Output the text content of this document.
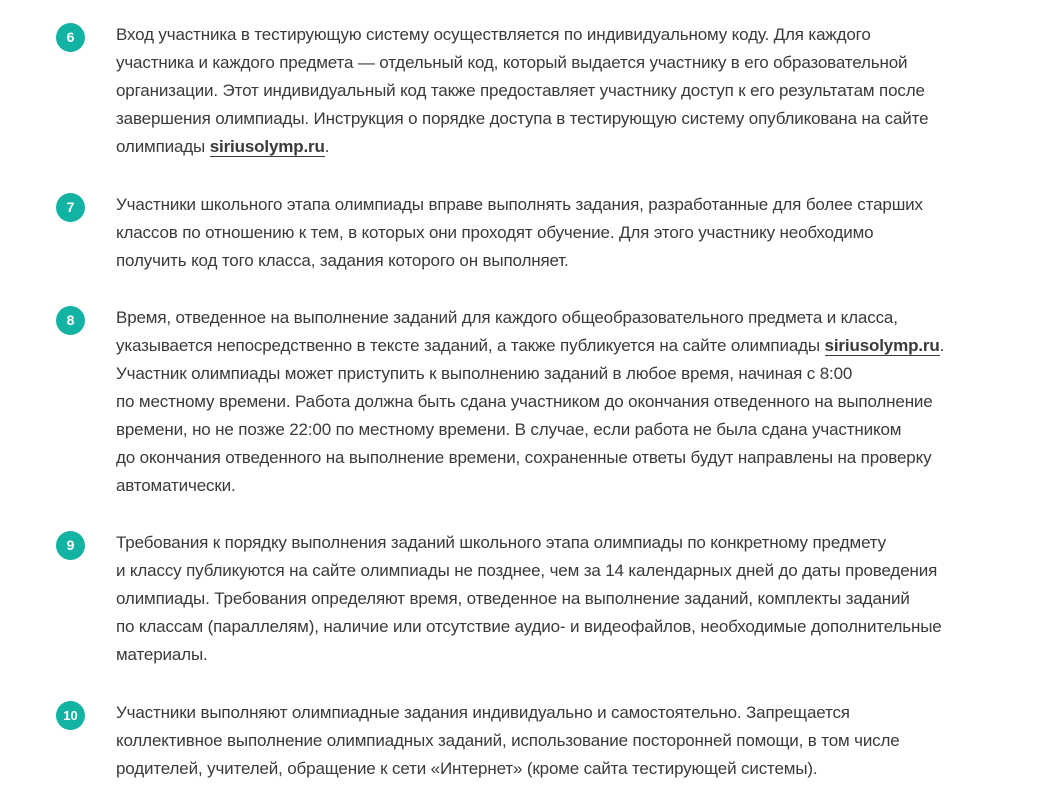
6	Вход участника в тестирующую систему осуществляется по индивидуальному коду. Для каждого
участника и каждого предмета — отдельный код, который выдается участнику в его образовательной
организации. Этот индивидуальный код также предоставляет участнику доступ к его результатам после
завершения олимпиады. Инструкция о порядке доступа в тестирующую систему опубликована на сайте
олимпиады siriusolymp.ru.
7	Участники школьного этапа олимпиады вправе выполнять задания, разработанные для более старших
классов по отношению к тем, в которых они проходят обучение. Для этого участнику необходимо
получить код того класса, задания которого он выполняет.
8	Время, отведенное на выполнение заданий для каждого общеобразовательного предмета и класса,
указывается непосредственно в тексте заданий, а также публикуется на сайте олимпиады siriusolymp.ru.
Участник олимпиады может приступить к выполнению заданий в любое время, начиная с 8:00
по местному времени. Работа должна быть сдана участником до окончания отведенного на выполнение
времени, но не позже 22:00 по местному времени. В случае, если работа не была сдана участником
до окончания отведенного на выполнение времени, сохраненные ответы будут направлены на проверку
автоматически.
9	Требования к порядку выполнения заданий школьного этапа олимпиады по конкретному предмету
и классу публикуются на сайте олимпиады не позднее, чем за 14 календарных дней до даты проведения
олимпиады. Требования определяют время, отведенное на выполнение заданий, комплекты заданий
по классам (параллелям), наличие или отсутствие аудио- и видеофайлов, необходимые дополнительные
материалы.
10	Участники выполняют олимпиадные задания индивидуально и самостоятельно. Запрещается
коллективное выполнение олимпиадных заданий, использование посторонней помощи, в том числе
родителей, учителей, обращение к сети «Интернет» (кроме сайта тестирующей системы).
